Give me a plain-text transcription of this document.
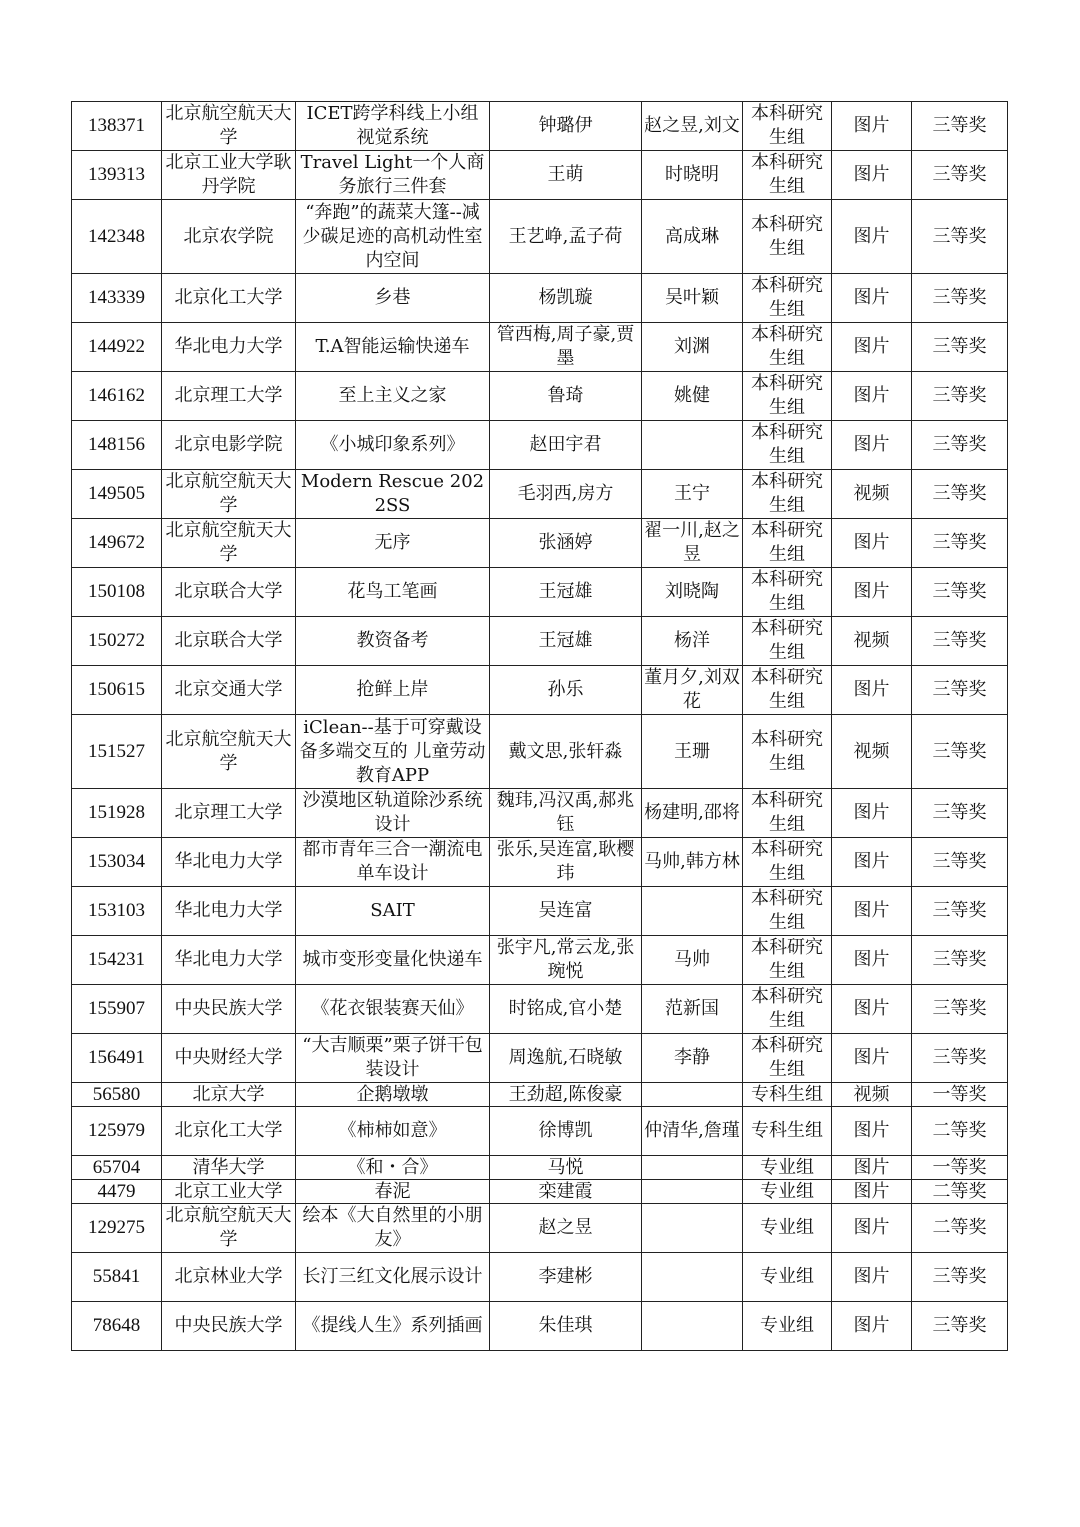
138371	北京航空航天大学	ICET跨学科线上小组视觉系统	钟璐伊	赵之昱,刘文	本科研究生组	图片	三等奖
139313	北京工业大学耿丹学院	Travel Light一个人商务旅行三件套	王萌	时晓明	本科研究生组	图片	三等奖
142348	北京农学院	“奔跑”的蔬菜大篷--减少碳足迹的高机动性室内空间	王艺峥,孟子荷	高成琳	本科研究生组	图片	三等奖
143339	北京化工大学	乡巷	杨凯璇	吴叶颖	本科研究生组	图片	三等奖
144922	华北电力大学	T.A智能运输快递车	管西梅,周子豪,贾墨	刘渊	本科研究生组	图片	三等奖
146162	北京理工大学	至上主义之家	鲁琦	姚健	本科研究生组	图片	三等奖
148156	北京电影学院	《小城印象系列》	赵田宇君		本科研究生组	图片	三等奖
149505	北京航空航天大学	Modern Rescue 2022SS	毛羽西,房方	王宁	本科研究生组	视频	三等奖
149672	北京航空航天大学	无序	张涵婷	翟一川,赵之昱	本科研究生组	图片	三等奖
150108	北京联合大学	花鸟工笔画	王冠雄	刘晓陶	本科研究生组	图片	三等奖
150272	北京联合大学	教资备考	王冠雄	杨洋	本科研究生组	视频	三等奖
150615	北京交通大学	抢鲜上岸	孙乐	董月夕,刘双花	本科研究生组	图片	三等奖
151527	北京航空航天大学	iClean--基于可穿戴设备多端交互的 儿童劳动教育APP	戴文思,张轩淼	王珊	本科研究生组	视频	三等奖
151928	北京理工大学	沙漠地区轨道除沙系统设计	魏玮,冯汉禹,郝兆钰	杨建明,邵将	本科研究生组	图片	三等奖
153034	华北电力大学	都市青年三合一潮流电单车设计	张乐,吴连富,耿樱玮	马帅,韩方林	本科研究生组	图片	三等奖
153103	华北电力大学	SAIT	吴连富		本科研究生组	图片	三等奖
154231	华北电力大学	城市变形变量化快递车	张宇凡,常云龙,张琬悦	马帅	本科研究生组	图片	三等奖
155907	中央民族大学	《花衣银装赛天仙》	时铭成,官小楚	范新国	本科研究生组	图片	三等奖
156491	中央财经大学	“大吉顺栗”栗子饼干包装设计	周逸航,石晓敏	李静	本科研究生组	图片	三等奖
56580	北京大学	企鹅墩墩	王劲超,陈俊豪		专科生组	视频	一等奖
125979	北京化工大学	《柿柿如意》	徐博凯	仲清华,詹瑾	专科生组	图片	二等奖
65704	清华大学	《和・合》	马悦		专业组	图片	一等奖
4479	北京工业大学	春泥	栾建霞		专业组	图片	二等奖
129275	北京航空航天大学	绘本《大自然里的小朋友》	赵之昱		专业组	图片	二等奖
55841	北京林业大学	长汀三红文化展示设计	李建彬		专业组	图片	三等奖
78648	中央民族大学	《提线人生》系列插画	朱佳琪		专业组	图片	三等奖
